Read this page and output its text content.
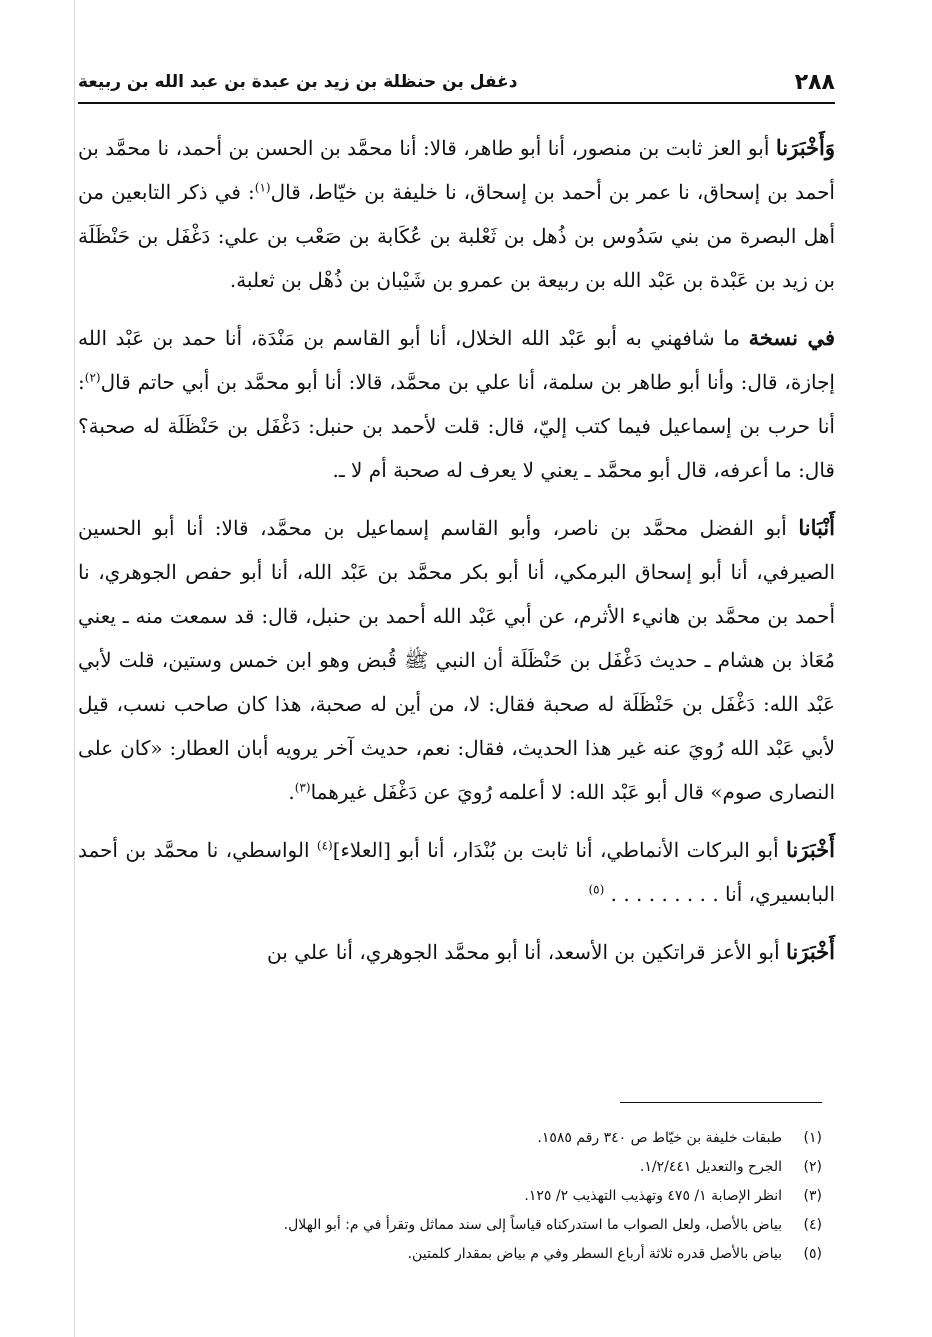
٢٨٨
دغفل بن حنظلة بن زيد بن عبدة بن عبد الله بن ربيعة

وَأَخْبَرَنا أبو العز ثابت بن منصور، أنا أبو طاهر، قالا: أنا محمَّد بن الحسن بن أحمد، نا محمَّد بن أحمد بن إسحاق، نا عمر بن أحمد بن إسحاق، نا خليفة بن خيّاط، قال$^{(١)}$: في ذكر التابعين من أهل البصرة من بني سَدُوس بن ذُهل بن ثَعْلبة بن عُكَابة بن صَعْب بن علي: دَغْفَل بن حَنْظَلَة بن زيد بن عَبْدة بن عَبْد الله بن ربيعة بن عمرو بن شَيْبان بن ذُهْل بن ثعلبة.

في نسخة ما شافهني به أبو عَبْد الله الخلال، أنا أبو القاسم بن مَنْدَة، أنا حمد بن عَبْد الله إجازة، قال: وأنا أبو طاهر بن سلمة، أنا علي بن محمَّد، قالا: أنا أبو محمَّد بن أبي حاتم قال$^{(٢)}$: أنا حرب بن إسماعيل فيما كتب إليّ، قال: قلت لأحمد بن حنبل: دَغْفَل بن حَنْظَلَة له صحبة؟ قال: ما أعرفه، قال أبو محمَّد ـ يعني لا يعرف له صحبة أم لا ـ.

أَنْبَانا أبو الفضل محمَّد بن ناصر، وأبو القاسم إسماعيل بن محمَّد، قالا: أنا أبو الحسين الصيرفي، أنا أبو إسحاق البرمكي، أنا أبو بكر محمَّد بن عَبْد الله، أنا أبو حفص الجوهري، نا أحمد بن محمَّد بن هانيء الأثرم، عن أبي عَبْد الله أحمد بن حنبل، قال: قد سمعت منه ـ يعني مُعَاذ بن هشام ـ حديث دَغْفَل بن حَنْظَلَة أن النبي ﷺ قُبض وهو ابن خمس وستين، قلت لأبي عَبْد الله: دَغْفَل بن حَنْظَلَة له صحبة فقال: لا، من أين له صحبة، هذا كان صاحب نسب، قيل لأبي عَبْد الله رُويَ عنه غير هذا الحديث، فقال: نعم، حديث آخر يرويه أبان العطار: «كان على النصارى صوم» قال أبو عَبْد الله: لا أعلمه رُويَ عن دَغْفَل غيرهما$^{(٣)}$.

أَخْبَرَنا أبو البركات الأنماطي، أنا ثابت بن بُنْدَار، أنا أبو [العلاء]$^{(٤)}$ الواسطي، نا محمَّد بن أحمد البابسيري، أنا . . . . . . . . . $^{(٥)}$

أَخْبَرَنا أبو الأعز قراتكين بن الأسعد، أنا أبو محمَّد الجوهري، أنا علي بن

(١)طبقات خليفة بن خيّاط ص ٣٤٠ رقم ١٥٨٥.
(٢)الجرح والتعديل ١/٢/٤٤١.
(٣)انظر الإصابة ١/ ٤٧٥ وتهذيب التهذيب ٢/ ١٢٥.
(٤)بياض بالأصل، ولعل الصواب ما استدركناه قياساً إلى سند مماثل وتقرأ في م: أبو الهلال.
(٥)بياض بالأصل قدره ثلاثة أرباع السطر وفي م بياض بمقدار كلمتين.
